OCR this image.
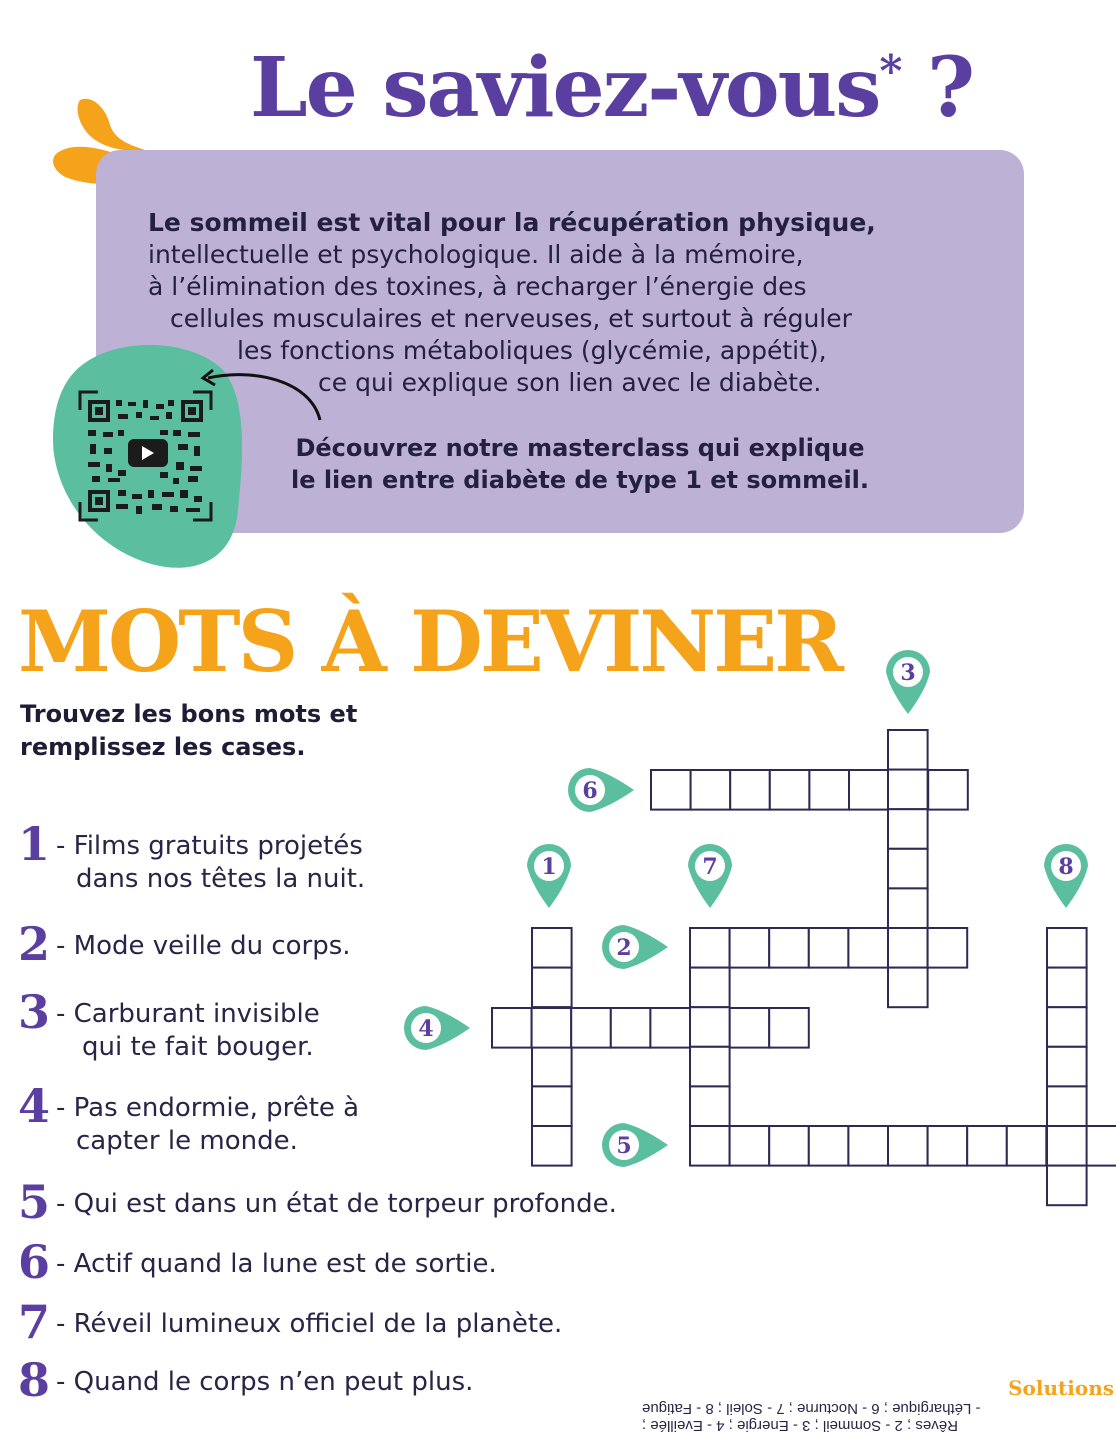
Le saviez-vous* ?
Le sommeil est vital pour la récupération physique,
intellectuelle et psychologique. Il aide à la mémoire,
à l’élimination des toxines, à recharger l’énergie des
cellules musculaires et nerveuses, et surtout à réguler
les fonctions métaboliques (glycémie, appétit),
ce qui explique son lien avec le diabète.
Découvrez notre masterclass qui explique
le lien entre diabète de type 1 et sommeil.
MOTS À DEVINER
Trouvez les bons mots et
remplissez les cases.
1 - Films gratuits projetés
dans nos têtes la nuit.
2 - Mode veille du corps.
3 - Carburant invisible
qui te fait bouger.
4 - Pas endormie, prête à
capter le monde.
5 - Qui est dans un état de torpeur profonde.
6 - Actif quand la lune est de sortie.
7 - Réveil lumineux officiel de la planète.
8 - Quand le corps n’en peut plus.
3
1	7	8
6
2
4
5
Solutions
Rêves ; 2 - Sommeil ; 3 - Energie ; 4 - Eveillée ;
- Léthargique ; 6 - Nocturne ; 7 - Soleil ; 8 - Fatigue
